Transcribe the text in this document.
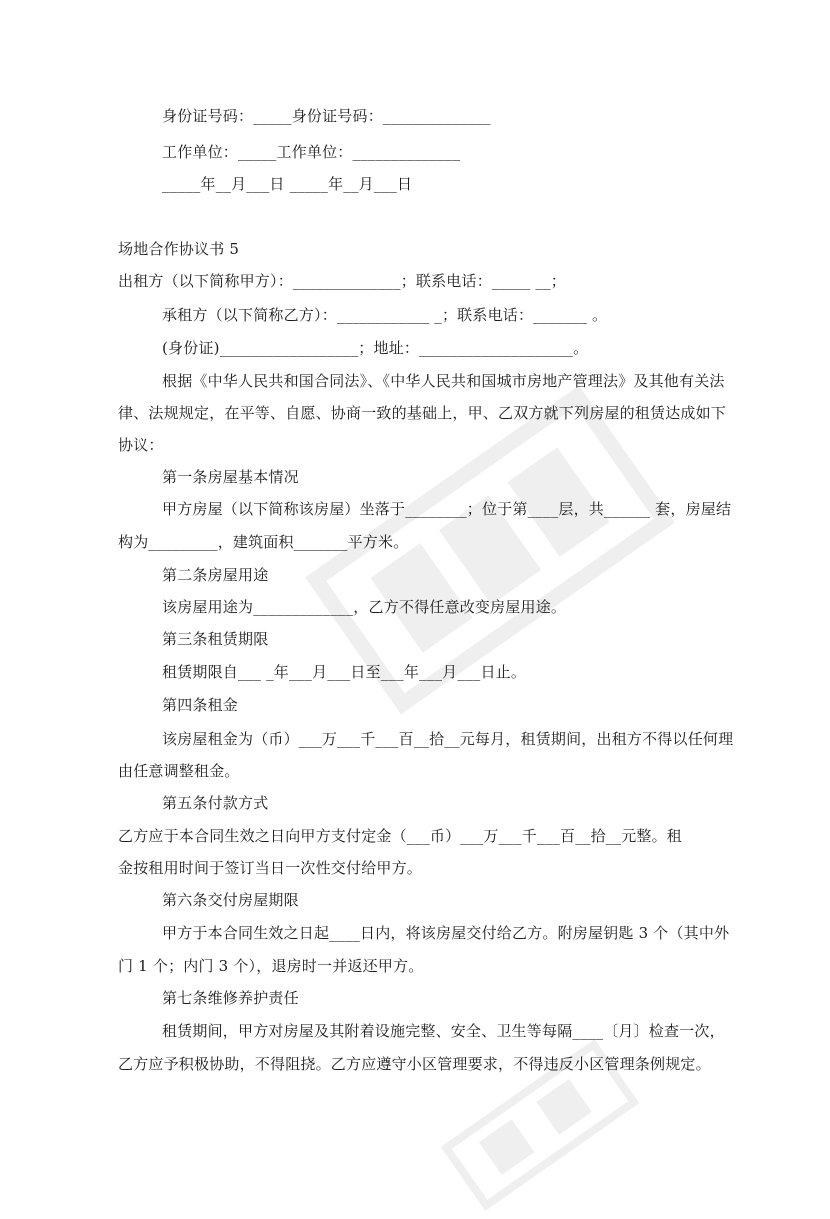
身份证号码：_____身份证号码：______________
工作单位：_____工作单位：______________
_____年__月___日 _____年__月___日
场地合作协议书 5
出租方（以下简称甲方）：______________；联系电话：_____ __；
承租方（以下简称乙方）：____________ _；联系电话：_______ 。
(身份证)__________________；地址：____________________。
根据《中华人民共和国合同法》、《中华人民共和国城市房地产管理法》及其他有关法
律、法规规定，在平等、自愿、协商一致的基础上，甲、乙双方就下列房屋的租赁达成如下
协议：
第一条房屋基本情况
甲方房屋（以下简称该房屋）坐落于________；位于第____层，共______ 套，房屋结
构为_________，建筑面积_______平方米。
第二条房屋用途
该房屋用途为_____________，乙方不得任意改变房屋用途。
第三条租赁期限
租赁期限自___ _年___月___日至___年___月___日止。
第四条租金
该房屋租金为（币）___万___千___百__拾__元每月，租赁期间，出租方不得以任何理
由任意调整租金。
第五条付款方式
乙方应于本合同生效之日向甲方支付定金（___币）___万___千___百__拾__元整。租
金按租用时间于签订当日一次性交付给甲方。
第六条交付房屋期限
甲方于本合同生效之日起____日内，将该房屋交付给乙方。附房屋钥匙 3 个（其中外
门 1 个；内门 3 个），退房时一并返还甲方。
第七条维修养护责任
租赁期间，甲方对房屋及其附着设施完整、安全、卫生等每隔____〔月〕检查一次，
乙方应予积极协助，不得阻挠。乙方应遵守小区管理要求，不得违反小区管理条例规定。
